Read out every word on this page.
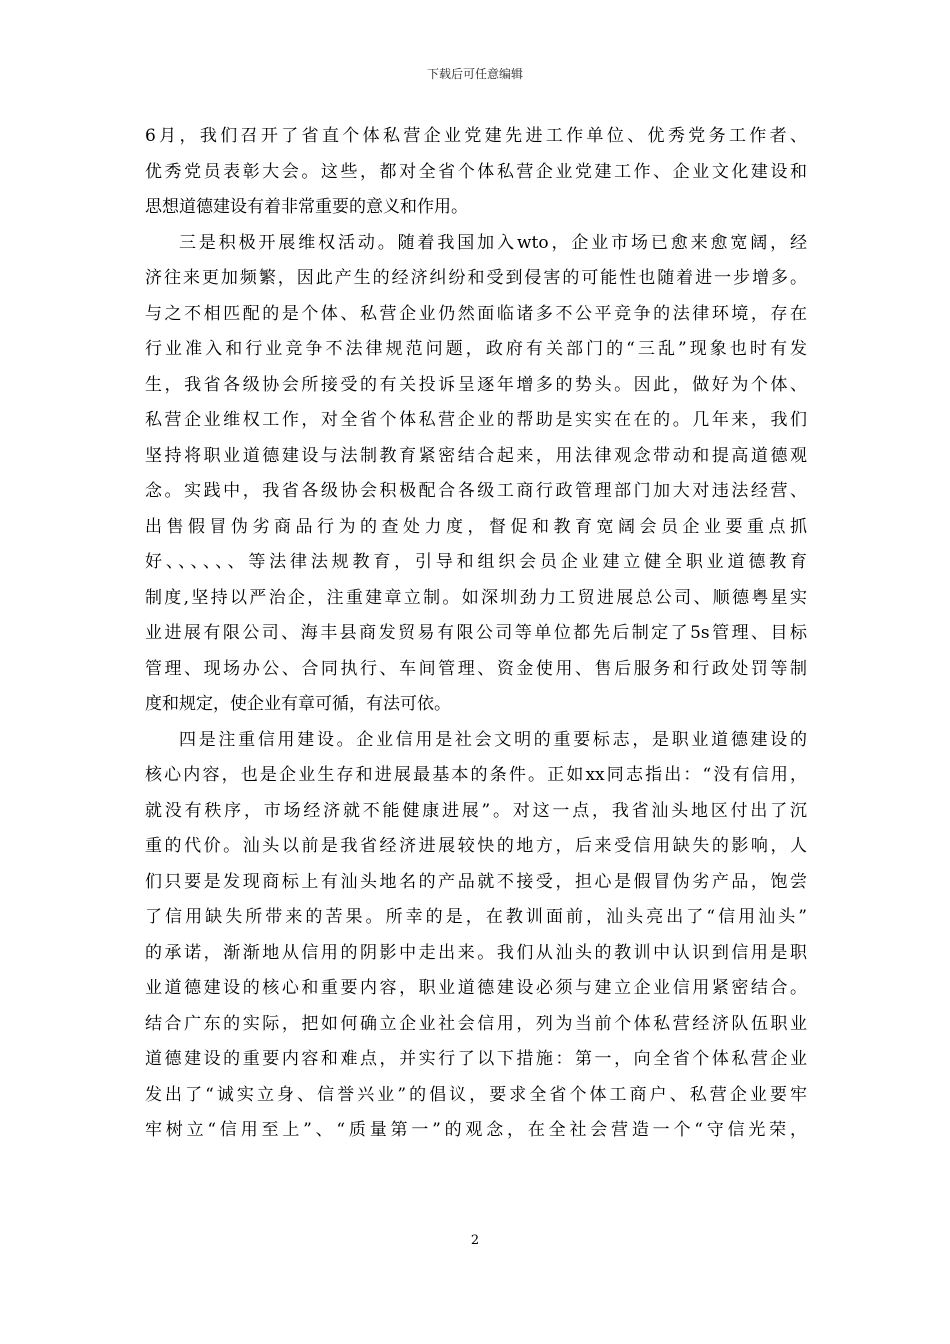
下载后可任意编辑
6月，我们召开了省直个体私营企业党建先进工作单位、优秀党务工作者、
优秀党员表彰大会。这些，都对全省个体私营企业党建工作、企业文化建设和
思想道德建设有着非常重要的意义和作用。
三是积极开展维权活动。随着我国加入wto，企业市场已愈来愈宽阔，经
济往来更加频繁，因此产生的经济纠纷和受到侵害的可能性也随着进一步增多。
与之不相匹配的是个体、私营企业仍然面临诸多不公平竞争的法律环境，存在
行业准入和行业竞争不法律规范问题，政府有关部门的“三乱”现象也时有发
生，我省各级协会所接受的有关投诉呈逐年增多的势头。因此，做好为个体、
私营企业维权工作，对全省个体私营企业的帮助是实实在在的。几年来，我们
坚持将职业道德建设与法制教育紧密结合起来，用法律观念带动和提高道德观
念。实践中，我省各级协会积极配合各级工商行政管理部门加大对违法经营、
出售假冒伪劣商品行为的查处力度，督促和教育宽阔会员企业要重点抓
好、、、、、、等法律法规教育，引导和组织会员企业建立健全职业道德教育
制度,坚持以严治企，注重建章立制。如深圳劲力工贸进展总公司、顺德粤星实
业进展有限公司、海丰县商发贸易有限公司等单位都先后制定了5s管理、目标
管理、现场办公、合同执行、车间管理、资金使用、售后服务和行政处罚等制
度和规定，使企业有章可循，有法可依。
四是注重信用建设。企业信用是社会文明的重要标志，是职业道德建设的
核心内容，也是企业生存和进展最基本的条件。正如xx同志指出：“没有信用，
就没有秩序，市场经济就不能健康进展”。对这一点，我省汕头地区付出了沉
重的代价。汕头以前是我省经济进展较快的地方，后来受信用缺失的影响，人
们只要是发现商标上有汕头地名的产品就不接受，担心是假冒伪劣产品，饱尝
了信用缺失所带来的苦果。所幸的是，在教训面前，汕头亮出了“信用汕头”
的承诺，渐渐地从信用的阴影中走出来。我们从汕头的教训中认识到信用是职
业道德建设的核心和重要内容，职业道德建设必须与建立企业信用紧密结合。
结合广东的实际，把如何确立企业社会信用，列为当前个体私营经济队伍职业
道德建设的重要内容和难点，并实行了以下措施：第一，向全省个体私营企业
发出了“诚实立身、信誉兴业”的倡议，要求全省个体工商户、私营企业要牢
牢树立“信用至上”、“质量第一”的观念，在全社会营造一个“守信光荣，
2
